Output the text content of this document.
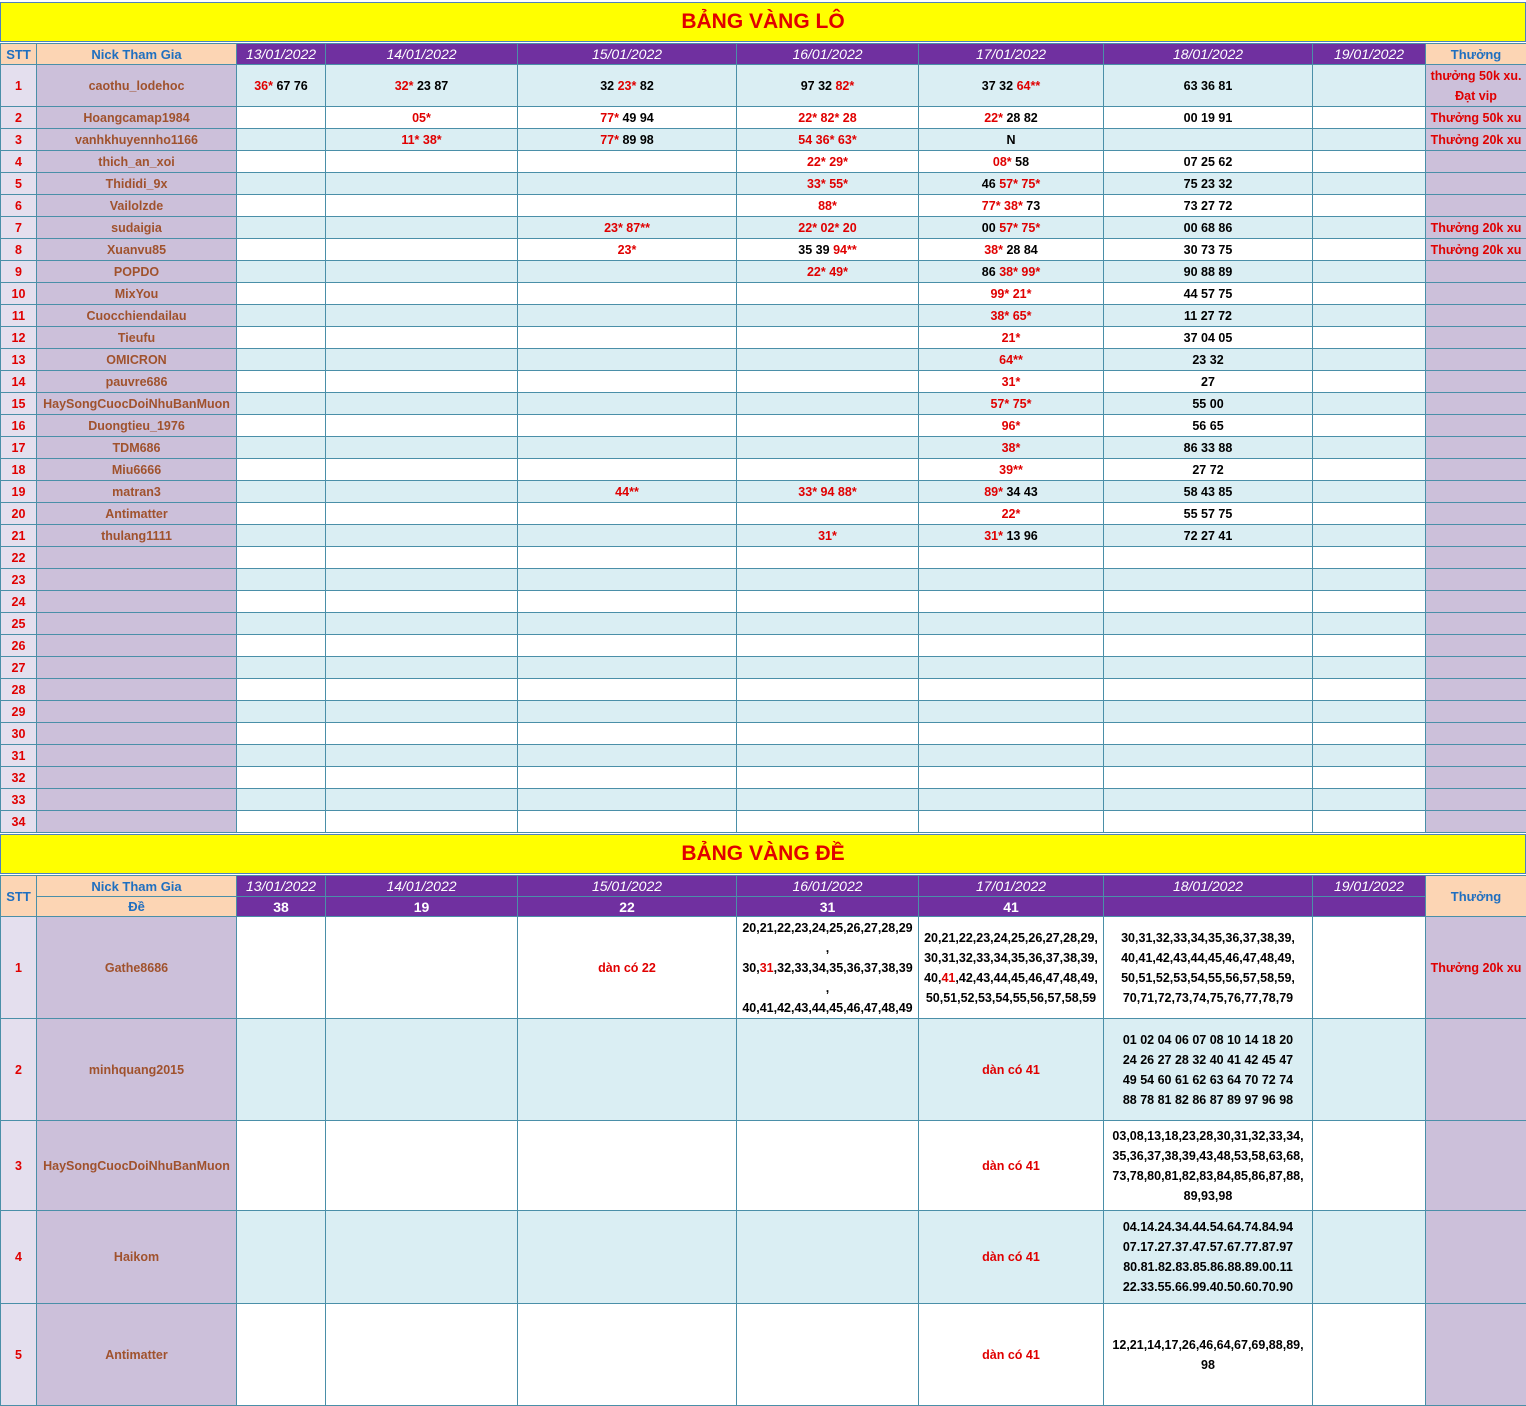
BẢNG VÀNG LÔ
STT	Nick Tham Gia	13/01/2022	14/01/2022	15/01/2022	16/01/2022	17/01/2022	18/01/2022	19/01/2022	Thưởng
1	caothu_lodehoc	36* 67 76	32* 23 87	32 23* 82	97 32 82*	37 32 64**	63 36 81		thưởng 50k xu. Đạt vip
2	Hoangcamap1984		05*	77* 49 94	22* 82* 28	22* 28 82	00 19 91		Thưởng 50k xu
3	vanhkhuyennho1166		11* 38*	77* 89 98	54 36* 63*	N			Thưởng 20k xu
4	thich_an_xoi				22* 29*	08* 58	07 25 62		
5	Thididi_9x				33* 55*	46 57* 75*	75 23 32		
6	Vailolzde				88*	77* 38* 73	73 27 72		
7	sudaigia			23* 87**	22* 02* 20	00 57* 75*	00 68 86		Thưởng 20k xu
8	Xuanvu85			23*	35 39 94**	38* 28 84	30 73 75		Thưởng 20k xu
9	POPDO				22* 49*	86 38* 99*	90 88 89		
10	MixYou					99* 21*	44 57 75		
11	Cuocchiendailau					38* 65*	11 27 72		
12	Tieufu					21*	37 04 05		
13	OMICRON					64**	23 32		
14	pauvre686					31*	27		
15	HaySongCuocDoiNhuBanMuon					57* 75*	55 00		
16	Duongtieu_1976					96*	56 65		
17	TDM686					38*	86 33 88		
18	Miu6666					39**	27 72		
19	matran3			44**	33* 94 88*	89* 34 43	58 43 85		
20	Antimatter					22*	55 57 75		
21	thulang1111				31*	31* 13 96	72 27 41		
22									
23									
24									
25									
26									
27									
28									
29									
30									
31									
32									
33									
34									
BẢNG VÀNG ĐỀ
STT	Nick Tham Gia	13/01/2022	14/01/2022	15/01/2022	16/01/2022	17/01/2022	18/01/2022	19/01/2022	Thưởng
	Đề	38	19	22	31	41			
1	Gathe8686			dàn có 22	20,21,22,23,24,25,26,27,28,29
,
30,31,32,33,34,35,36,37,38,39
,
40,41,42,43,44,45,46,47,48,49	20,21,22,23,24,25,26,27,28,29,
30,31,32,33,34,35,36,37,38,39,
40,41,42,43,44,45,46,47,48,49,
50,51,52,53,54,55,56,57,58,59	30,31,32,33,34,35,36,37,38,39,
40,41,42,43,44,45,46,47,48,49,
50,51,52,53,54,55,56,57,58,59,
70,71,72,73,74,75,76,77,78,79		Thưởng 20k xu
2	minhquang2015					dàn có 41	01 02 04 06 07 08 10 14 18 20
24 26 27 28 32 40 41 42 45 47
49 54 60 61 62 63 64 70 72 74
88 78 81 82 86 87 89 97 96 98		
3	HaySongCuocDoiNhuBanMuon					dàn có 41	03,08,13,18,23,28,30,31,32,33,34,
35,36,37,38,39,43,48,53,58,63,68,
73,78,80,81,82,83,84,85,86,87,88,
89,93,98		
4	Haikom					dàn có 41	04.14.24.34.44.54.64.74.84.94
07.17.27.37.47.57.67.77.87.97
80.81.82.83.85.86.88.89.00.11
22.33.55.66.99.40.50.60.70.90		
5	Antimatter					dàn có 41	12,21,14,17,26,46,64,67,69,88,89,
98		
